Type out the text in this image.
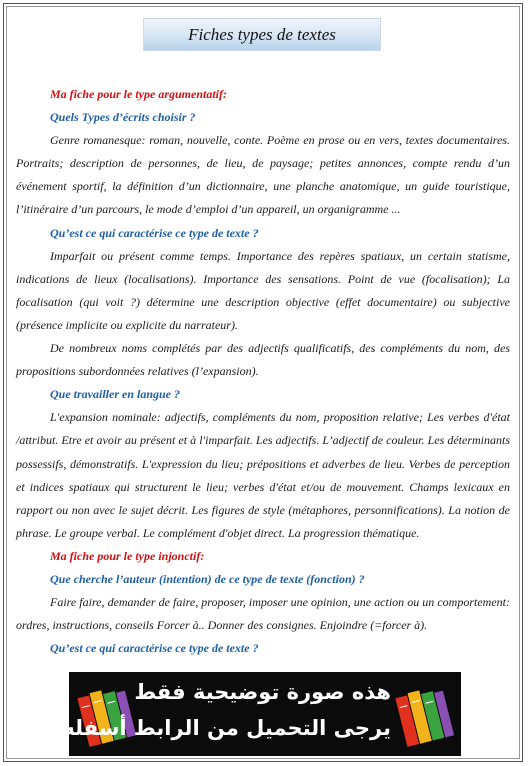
Fiches types de textes
Ma fiche pour le type argumentatif:
Quels Types d’écrits choisir ?

Genre romanesque: roman, nouvelle, conte. Poème en prose ou en vers, textes documentaires. Portraits; description de personnes, de lieu, de paysage; petites annonces, compte rendu d’un événement sportif, la définition d’un dictionnaire, une planche anatomique, un guide touristique, l’itinéraire d’un parcours, le mode d’emploi d’un appareil, un organigramme ...

Qu’est ce qui caractérise ce type de texte ?

Imparfait ou présent comme temps. Importance des repères spatiaux, un certain statisme, indications de lieux (localisations). Importance des sensations. Point de vue (focalisation); La focalisation (qui voit ?) détermine une description objective (effet documentaire) ou subjective (présence implicite ou explicite du narrateur).

De nombreux noms complétés par des adjectifs qualificatifs, des compléments du nom, des propositions subordonnées relatives (l’expansion).

Que travailler en langue ?

L'expansion nominale: adjectifs, compléments du nom, proposition relative; Les verbes d'état /attribut. Etre et avoir au présent et à l'imparfait. Les adjectifs. L’adjectif de couleur. Les déterminants possessifs, démonstratifs. L'expression du lieu; prépositions et adverbes de lieu. Verbes de perception et indices spatiaux qui structurent le lieu; verbes d'état et/ou de mouvement. Champs lexicaux en rapport ou non avec le sujet décrit. Les figures de style (métaphores, personnifications). La notion de phrase. Le groupe verbal. Le complément d'objet direct. La progression thématique.

Ma fiche pour le type injonctif:
Que cherche l’auteur (intention) de ce type de texte (fonction) ?

Faire faire, demander de faire, proposer, imposer une opinion, une action ou un comportement: ordres, instructions, conseils Forcer à.. Donner des consignes. Enjoindre (=forcer à).

Qu’est ce qui caractérise ce type de texte ?
هذه صورة توضيحية فقط
يرجى التحميل من الرابط أسفله
